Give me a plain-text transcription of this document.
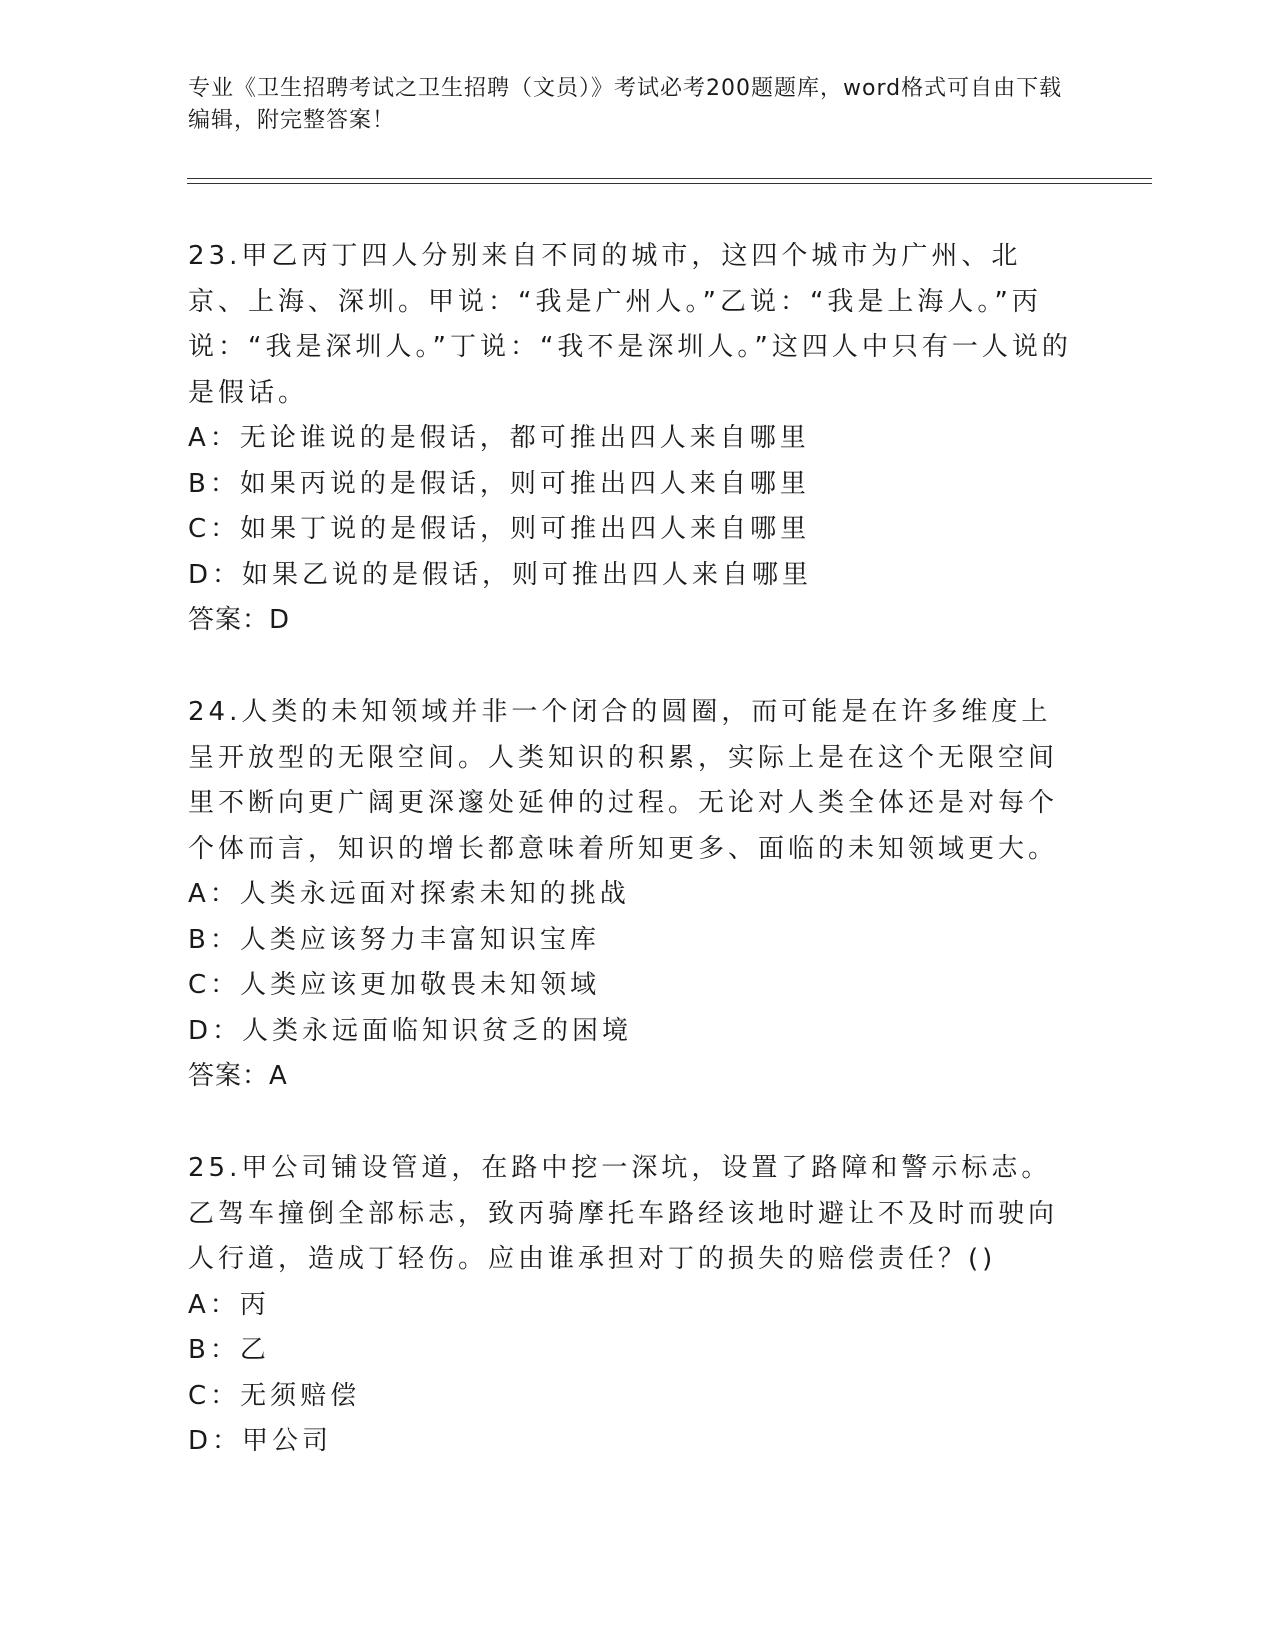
专业《卫生招聘考试之卫生招聘（文员）》考试必考200题题库，word格式可自由下载编辑，附完整答案！

23.甲乙丙丁四人分别来自不同的城市，这四个城市为广州、北京、上海、深圳。甲说：“我是广州人。”乙说：“我是上海人。”丙说：“我是深圳人。”丁说：“我不是深圳人。”这四人中只有一人说的是假话。

A：无论谁说的是假话，都可推出四人来自哪里
B：如果丙说的是假话，则可推出四人来自哪里
C：如果丁说的是假话，则可推出四人来自哪里
D：如果乙说的是假话，则可推出四人来自哪里
答案：D

24.人类的未知领域并非一个闭合的圆圈，而可能是在许多维度上呈开放型的无限空间。人类知识的积累，实际上是在这个无限空间里不断向更广阔更深邃处延伸的过程。无论对人类全体还是对每个个体而言，知识的增长都意味着所知更多、面临的未知领域更大。

A：人类永远面对探索未知的挑战
B：人类应该努力丰富知识宝库
C：人类应该更加敬畏未知领域
D：人类永远面临知识贫乏的困境
答案：A

25.甲公司铺设管道，在路中挖一深坑，设置了路障和警示标志。乙驾车撞倒全部标志，致丙骑摩托车路经该地时避让不及时而驶向人行道，造成丁轻伤。应由谁承担对丁的损失的赔偿责任？()

A：丙
B：乙
C：无须赔偿
D：甲公司
